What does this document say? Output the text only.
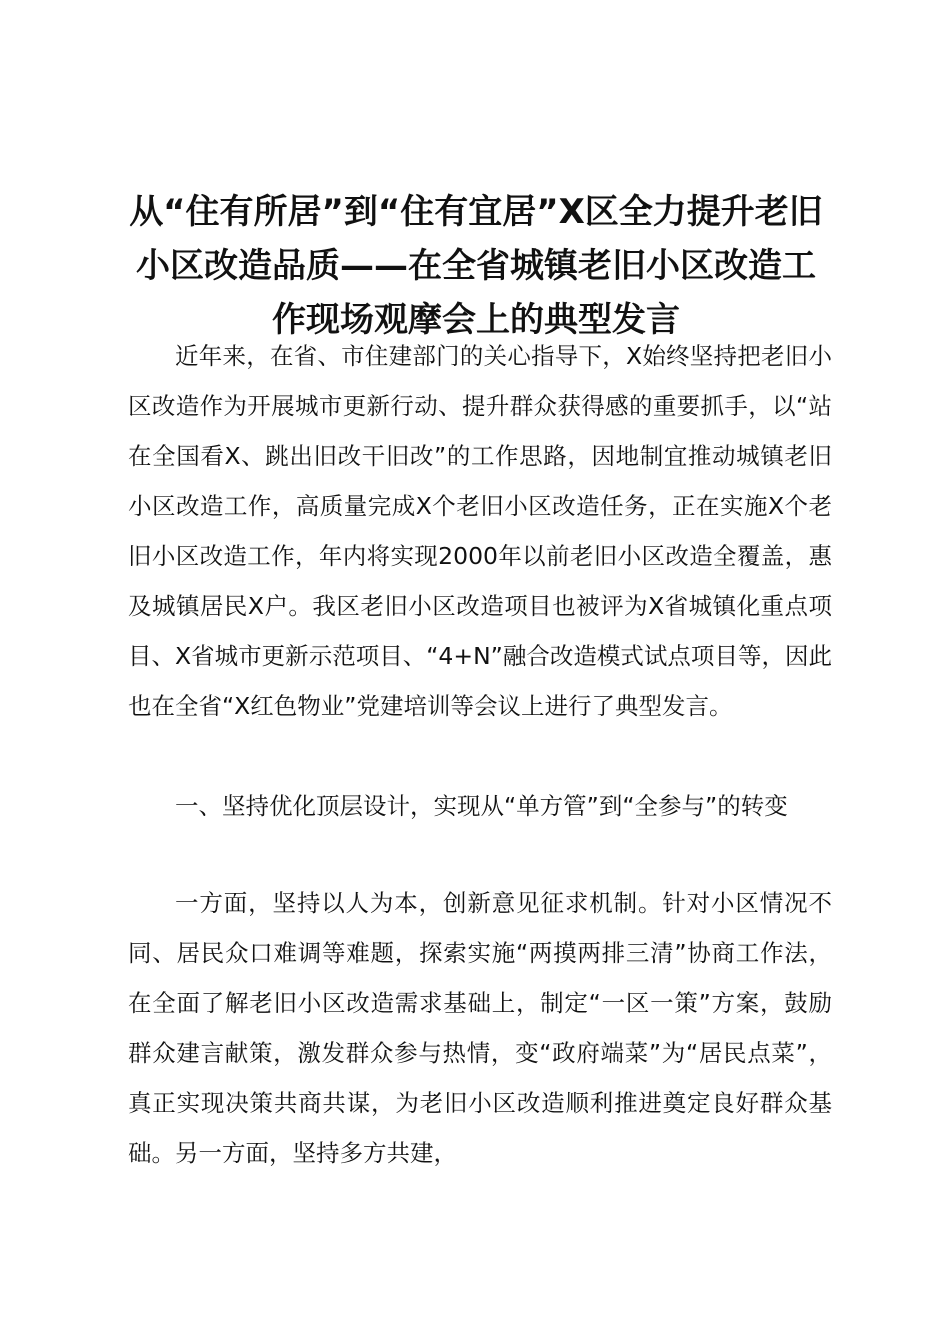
从“住有所居”到“住有宜居”X区全力提升老旧小区改造品质——在全省城镇老旧小区改造工作现场观摩会上的典型发言

近年来，在省、市住建部门的关心指导下，X始终坚持把老旧小区改造作为开展城市更新行动、提升群众获得感的重要抓手，以“站在全国看X、跳出旧改干旧改”的工作思路，因地制宜推动城镇老旧小区改造工作，高质量完成X个老旧小区改造任务，正在实施X个老旧小区改造工作，年内将实现2000年以前老旧小区改造全覆盖，惠及城镇居民X户。我区老旧小区改造项目也被评为X省城镇化重点项目、X省城市更新示范项目、“4+N”融合改造模式试点项目等，因此也在全省“X红色物业”党建培训等会议上进行了典型发言。

一、坚持优化顶层设计，实现从“单方管”到“全参与”的转变

一方面，坚持以人为本，创新意见征求机制。针对小区情况不同、居民众口难调等难题，探索实施“两摸两排三清”协商工作法，在全面了解老旧小区改造需求基础上，制定“一区一策”方案，鼓励群众建言献策，激发群众参与热情，变“政府端菜”为“居民点菜”，真正实现决策共商共谋，为老旧小区改造顺利推进奠定良好群众基础。另一方面，坚持多方共建，
